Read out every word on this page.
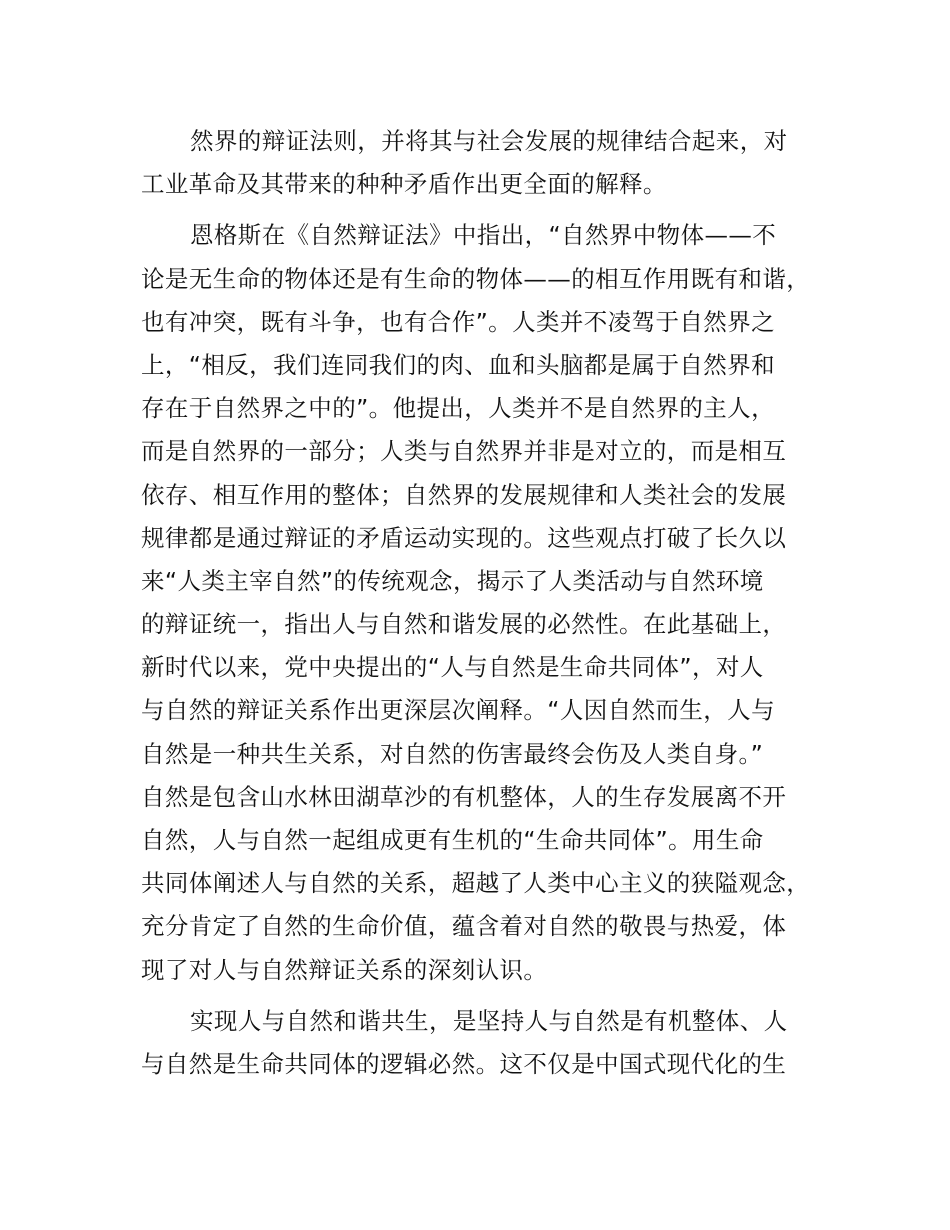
然界的辩证法则，并将其与社会发展的规律结合起来，对
工业革命及其带来的种种矛盾作出更全面的解释。
恩格斯在《自然辩证法》中指出，“自然界中物体——不
论是无生命的物体还是有生命的物体——的相互作用既有和谐，
也有冲突，既有斗争，也有合作”。人类并不凌驾于自然界之
上，“相反，我们连同我们的肉、血和头脑都是属于自然界和
存在于自然界之中的”。他提出，人类并不是自然界的主人，
而是自然界的一部分；人类与自然界并非是对立的，而是相互
依存、相互作用的整体；自然界的发展规律和人类社会的发展
规律都是通过辩证的矛盾运动实现的。这些观点打破了长久以
来“人类主宰自然”的传统观念，揭示了人类活动与自然环境
的辩证统一，指出人与自然和谐发展的必然性。在此基础上，
新时代以来，党中央提出的“人与自然是生命共同体”，对人
与自然的辩证关系作出更深层次阐释。“人因自然而生，人与
自然是一种共生关系，对自然的伤害最终会伤及人类自身。”
自然是包含山水林田湖草沙的有机整体，人的生存发展离不开
自然，人与自然一起组成更有生机的“生命共同体”。用生命
共同体阐述人与自然的关系，超越了人类中心主义的狭隘观念，
充分肯定了自然的生命价值，蕴含着对自然的敬畏与热爱，体
现了对人与自然辩证关系的深刻认识。
实现人与自然和谐共生，是坚持人与自然是有机整体、人
与自然是生命共同体的逻辑必然。这不仅是中国式现代化的生
